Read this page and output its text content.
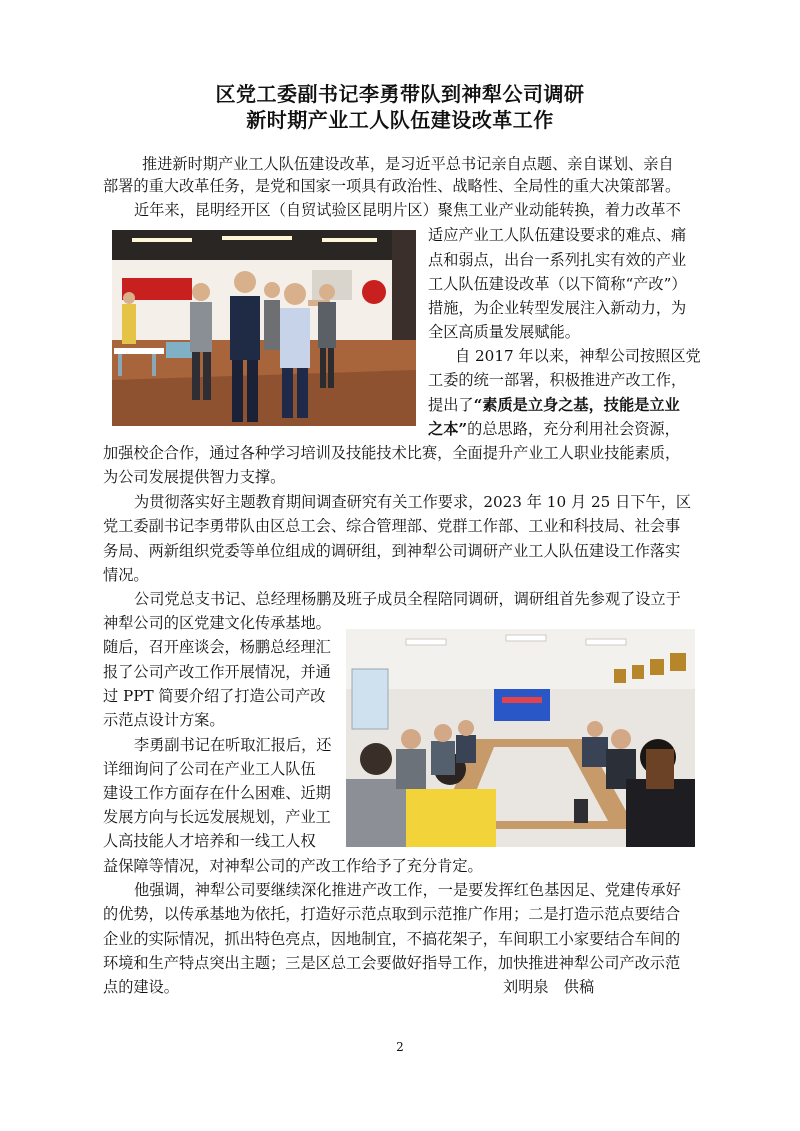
区党工委副书记李勇带队到神犁公司调研
新时期产业工人队伍建设改革工作
推进新时期产业工人队伍建设改革，是习近平总书记亲自点题、亲自谋划、亲自
部署的重大改革任务，是党和国家一项具有政治性、战略性、全局性的重大决策部署。
近年来，昆明经开区（自贸试验区昆明片区）聚焦工业产业动能转换，着力改革不
适应产业工人队伍建设要求的难点、痛
点和弱点，出台一系列扎实有效的产业
工人队伍建设改革（以下简称“产改”）
措施，为企业转型发展注入新动力，为
全区高质量发展赋能。
自 2017 年以来，神犁公司按照区党
工委的统一部署，积极推进产改工作，
提出了“素质是立身之基，技能是立业
之本”的总思路，充分利用社会资源，
加强校企合作，通过各种学习培训及技能技术比赛，全面提升产业工人职业技能素质，
为公司发展提供智力支撑。
为贯彻落实好主题教育期间调查研究有关工作要求，2023 年 10 月 25 日下午，区
党工委副书记李勇带队由区总工会、综合管理部、党群工作部、工业和科技局、社会事
务局、两新组织党委等单位组成的调研组，到神犁公司调研产业工人队伍建设工作落实
情况。
公司党总支书记、总经理杨鹏及班子成员全程陪同调研，调研组首先参观了设立于
神犁公司的区党建文化传承基地。
随后，召开座谈会，杨鹏总经理汇
报了公司产改工作开展情况，并通
过 PPT 简要介绍了打造公司产改
示范点设计方案。
李勇副书记在听取汇报后，还
详细询问了公司在产业工人队伍
建设工作方面存在什么困难、近期
发展方向与长远发展规划，产业工
人高技能人才培养和一线工人权
益保障等情况，对神犁公司的产改工作给予了充分肯定。
他强调，神犁公司要继续深化推进产改工作，一是要发挥红色基因足、党建传承好
的优势，以传承基地为依托，打造好示范点取到示范推广作用；二是打造示范点要结合
企业的实际情况，抓出特色亮点，因地制宜，不搞花架子，车间职工小家要结合车间的
环境和生产特点突出主题；三是区总工会要做好指导工作，加快推进神犁公司产改示范
点的建设。	刘明泉　供稿
2
